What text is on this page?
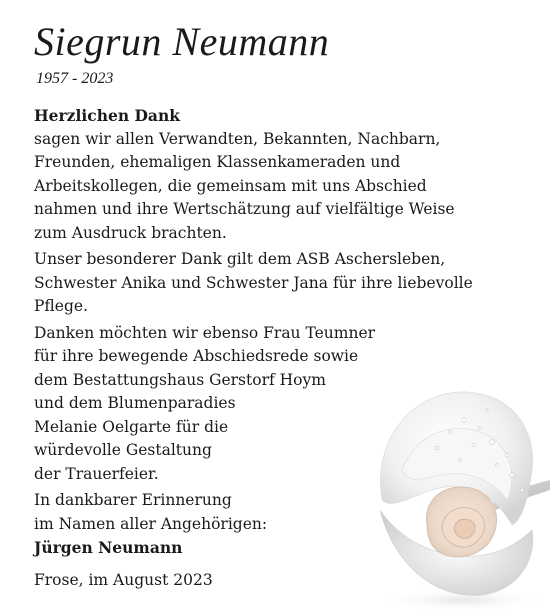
Siegrun Neumann
1957 - 2023

Herzlichen Dank
sagen wir allen Verwandten, Bekannten, Nachbarn,
Freunden, ehemaligen Klassenkameraden und
Arbeitskollegen, die gemeinsam mit uns Abschied
nahmen und ihre Wertschätzung auf vielfältige Weise
zum Ausdruck brachten.

Unser besonderer Dank gilt dem ASB Aschersleben,
Schwester Anika und Schwester Jana für ihre liebevolle
Pflege.

Danken möchten wir ebenso Frau Teumner
für ihre bewegende Abschiedsrede sowie
dem Bestattungshaus Gerstorf Hoym
und dem Blumenparadies
Melanie Oelgarte für die
würdevolle Gestaltung
der Trauerfeier.

In dankbarer Erinnerung
im Namen aller Angehörigen:
Jürgen Neumann

Frose, im August 2023
